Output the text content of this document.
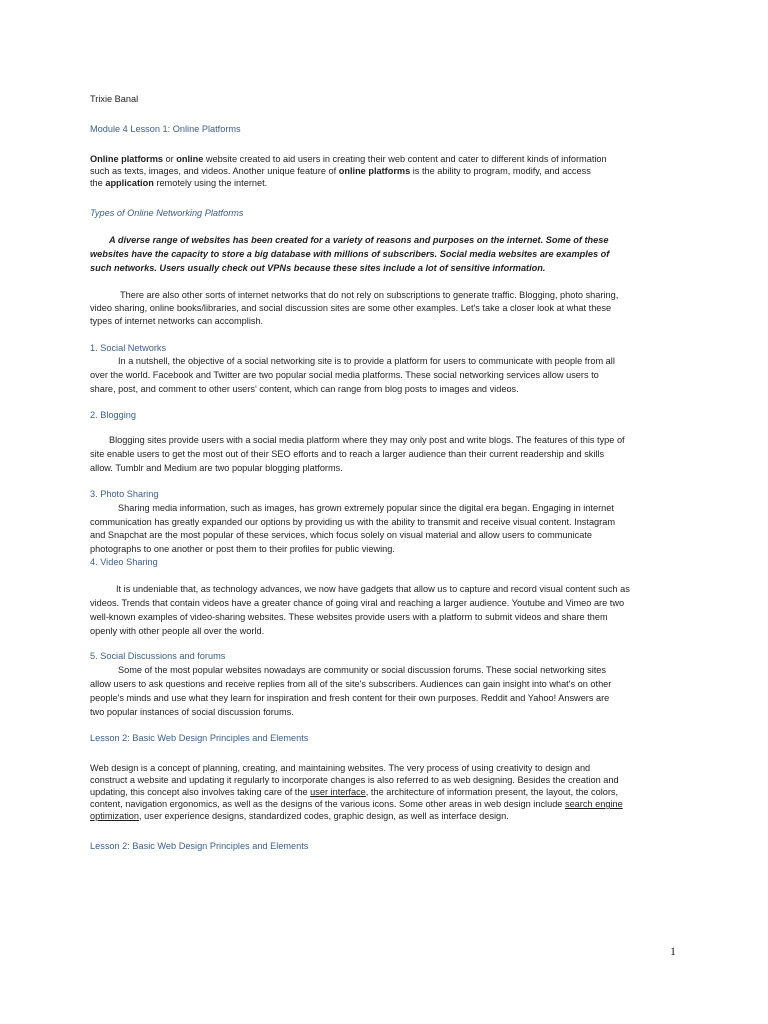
Trixie Banal
Module 4 Lesson 1: Online Platforms
Online platforms or online website created to aid users in creating their web content and cater to different kinds of information
such as texts, images, and videos. Another unique feature of online platforms is the ability to program, modify, and access
the application remotely using the internet.
Types of Online Networking Platforms
A diverse range of websites has been created for a variety of reasons and purposes on the internet. Some of these
websites have the capacity to store a big database with millions of subscribers. Social media websites are examples of
such networks. Users usually check out VPNs because these sites include a lot of sensitive information.
There are also other sorts of internet networks that do not rely on subscriptions to generate traffic. Blogging, photo sharing,
video sharing, online books/libraries, and social discussion sites are some other examples. Let's take a closer look at what these
types of internet networks can accomplish.
1. Social Networks
In a nutshell, the objective of a social networking site is to provide a platform for users to communicate with people from all
over the world. Facebook and Twitter are two popular social media platforms. These social networking services allow users to
share, post, and comment to other users' content, which can range from blog posts to images and videos.
2. Blogging
Blogging sites provide users with a social media platform where they may only post and write blogs. The features of this type of
site enable users to get the most out of their SEO efforts and to reach a larger audience than their current readership and skills
allow. Tumblr and Medium are two popular blogging platforms.
3. Photo Sharing
Sharing media information, such as images, has grown extremely popular since the digital era began. Engaging in internet
communication has greatly expanded our options by providing us with the ability to transmit and receive visual content. Instagram
and Snapchat are the most popular of these services, which focus solely on visual material and allow users to communicate
photographs to one another or post them to their profiles for public viewing.
4. Video Sharing
It is undeniable that, as technology advances, we now have gadgets that allow us to capture and record visual content such as
videos. Trends that contain videos have a greater chance of going viral and reaching a larger audience. Youtube and Vimeo are two
well-known examples of video-sharing websites. These websites provide users with a platform to submit videos and share them
openly with other people all over the world.
5. Social Discussions and forums
Some of the most popular websites nowadays are community or social discussion forums. These social networking sites
allow users to ask questions and receive replies from all of the site's subscribers. Audiences can gain insight into what's on other
people's minds and use what they learn for inspiration and fresh content for their own purposes. Reddit and Yahoo! Answers are
two popular instances of social discussion forums.
Lesson 2: Basic Web Design Principles and Elements
Web design is a concept of planning, creating, and maintaining websites. The very process of using creativity to design and
construct a website and updating it regularly to incorporate changes is also referred to as web designing. Besides the creation and
updating, this concept also involves taking care of the user interface, the architecture of information present, the layout, the colors,
content, navigation ergonomics, as well as the designs of the various icons. Some other areas in web design include search engine
optimization, user experience designs, standardized codes, graphic design, as well as interface design.
Lesson 2: Basic Web Design Principles and Elements
1
